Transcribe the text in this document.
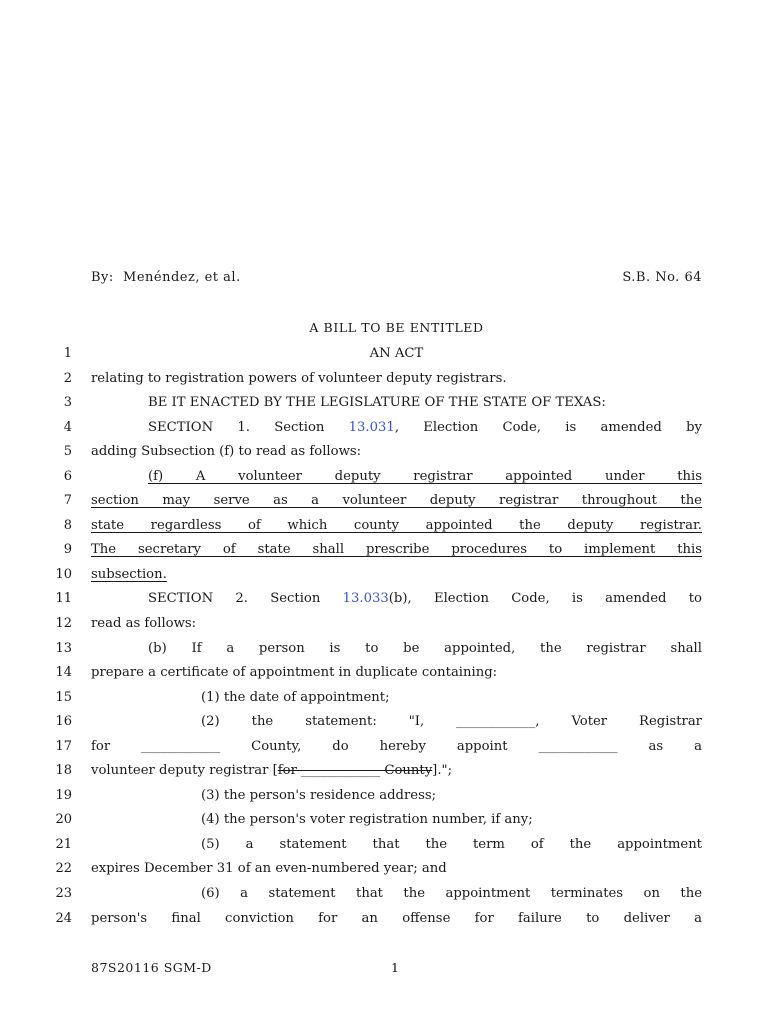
By:  Menéndez, et al.	S.B. No. 64
A BILL TO BE ENTITLED
1	AN ACT
2 relating to registration powers of volunteer deputy registrars.
3	BE IT ENACTED BY THE LEGISLATURE OF THE STATE OF TEXAS:
4	SECTION 1. Section 13.031, Election Code, is amended by
5 adding Subsection (f) to read as follows:
6	(f) A volunteer deputy registrar appointed under this
7 section may serve as a volunteer deputy registrar throughout the
8 state regardless of which county appointed the deputy registrar.
9 The secretary of state shall prescribe procedures to implement this
10 subsection.
11	SECTION 2. Section 13.033(b), Election Code, is amended to
12 read as follows:
13	(b) If a person is to be appointed, the registrar shall
14 prepare a certificate of appointment in duplicate containing:
15	(1) the date of appointment;
16	(2) the statement: "I, ____________, Voter Registrar
17 for ____________ County, do hereby appoint ____________ as a
18 volunteer deputy registrar [for ____________ County].";
19	(3) the person's residence address;
20	(4) the person's voter registration number, if any;
21	(5) a statement that the term of the appointment
22 expires December 31 of an even-numbered year; and
23	(6) a statement that the appointment terminates on the
24 person's final conviction for an offense for failure to deliver a
87S20116 SGM-D	1
